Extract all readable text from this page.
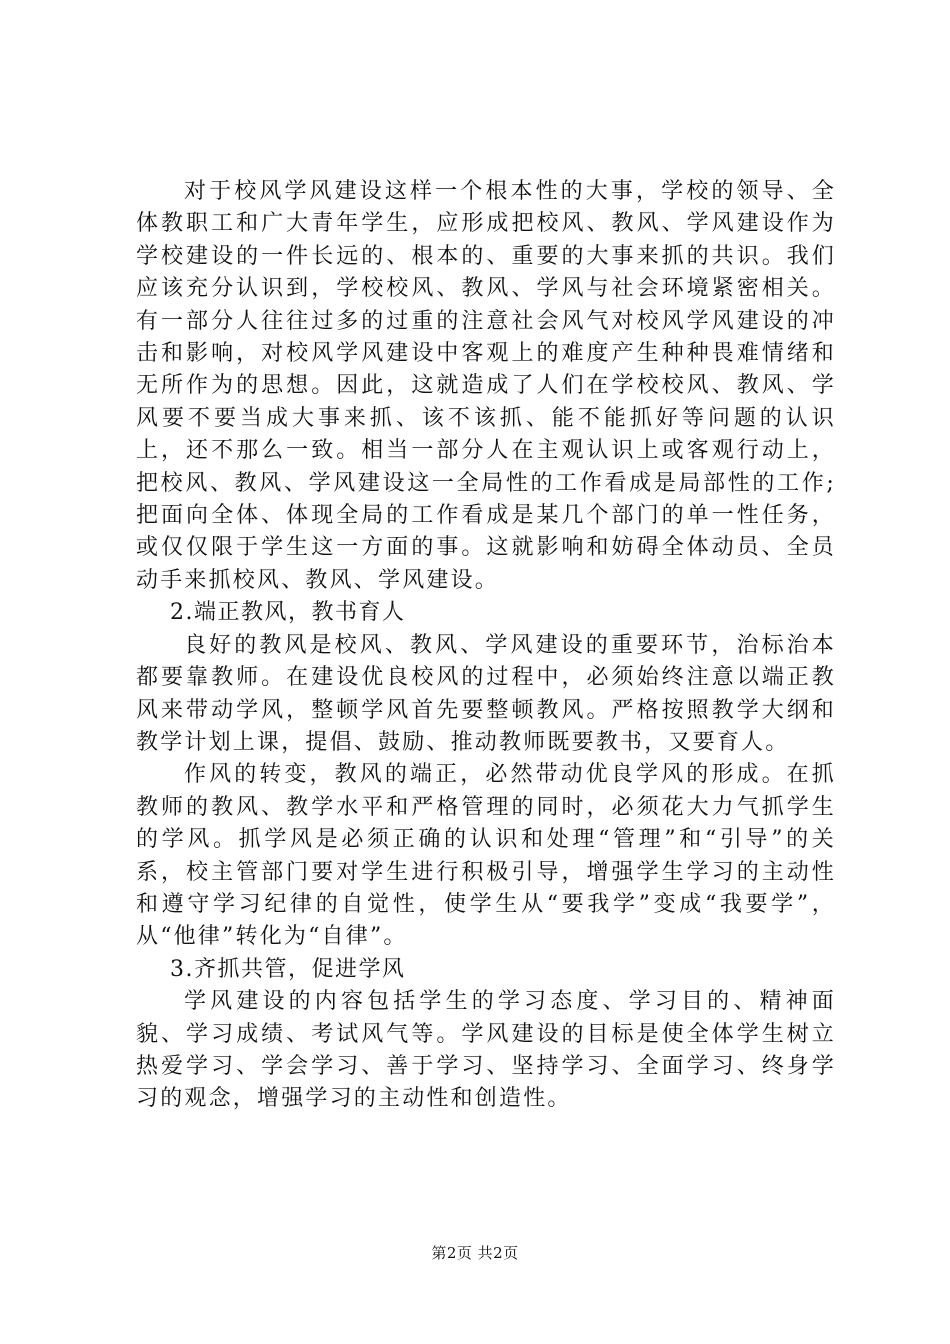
对于校风学风建设这样一个根本性的大事，学校的领导、全体教职工和广大青年学生，应形成把校风、教风、学风建设作为学校建设的一件长远的、根本的、重要的大事来抓的共识。我们应该充分认识到，学校校风、教风、学风与社会环境紧密相关。有一部分人往往过多的过重的注意社会风气对校风学风建设的冲击和影响，对校风学风建设中客观上的难度产生种种畏难情绪和无所作为的思想。因此，这就造成了人们在学校校风、教风、学风要不要当成大事来抓、该不该抓、能不能抓好等问题的认识上，还不那么一致。相当一部分人在主观认识上或客观行动上，把校风、教风、学风建设这一全局性的工作看成是局部性的工作;把面向全体、体现全局的工作看成是某几个部门的单一性任务，或仅仅限于学生这一方面的事。这就影响和妨碍全体动员、全员动手来抓校风、教风、学风建设。

2.端正教风，教书育人

良好的教风是校风、教风、学风建设的重要环节，治标治本都要靠教师。在建设优良校风的过程中，必须始终注意以端正教风来带动学风，整顿学风首先要整顿教风。严格按照教学大纲和教学计划上课，提倡、鼓励、推动教师既要教书，又要育人。

作风的转变，教风的端正，必然带动优良学风的形成。在抓教师的教风、教学水平和严格管理的同时，必须花大力气抓学生的学风。抓学风是必须正确的认识和处理“管理”和“引导”的关系，校主管部门要对学生进行积极引导，增强学生学习的主动性和遵守学习纪律的自觉性，使学生从“要我学”变成“我要学”，从“他律”转化为“自律”。

3.齐抓共管，促进学风

学风建设的内容包括学生的学习态度、学习目的、精神面貌、学习成绩、考试风气等。学风建设的目标是使全体学生树立热爱学习、学会学习、善于学习、坚持学习、全面学习、终身学习的观念，增强学习的主动性和创造性。

第2页 共2页
